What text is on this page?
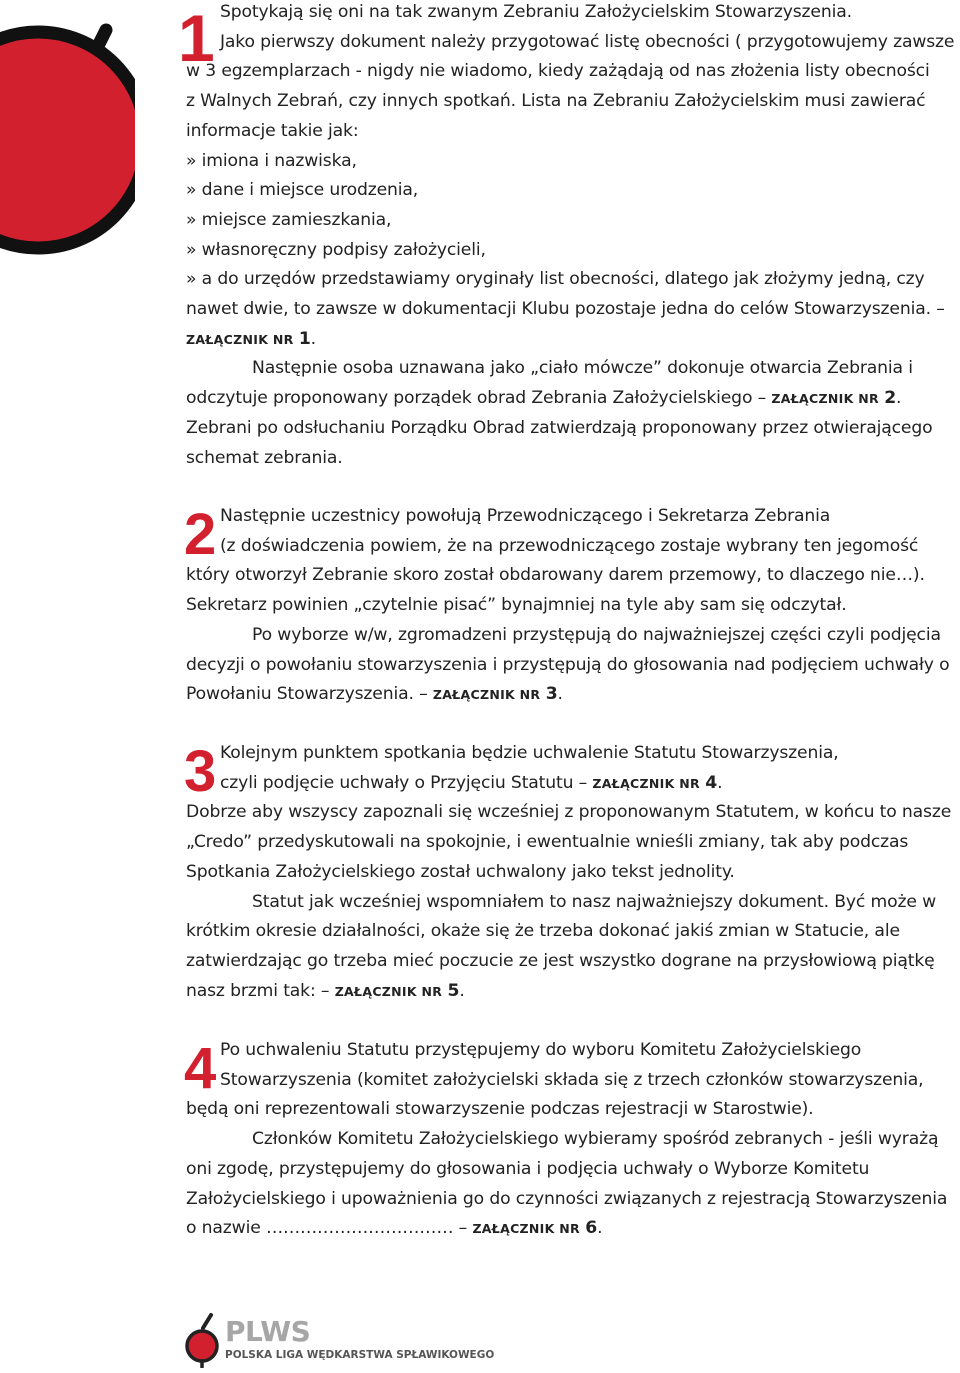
1 Spotykają się oni na tak zwanym Zebraniu Założycielskim Stowarzyszenia.

Jako pierwszy dokument należy przygotować listę obecności ( przygotowujemy zawsze

w 3 egzemplarzach - nigdy nie wiadomo, kiedy zażądają od nas złożenia listy obecności

z Walnych Zebrań, czy innych spotkań. Lista na Zebraniu Założycielskim musi zawierać informacje takie jak:

» imiona i nazwiska,

» dane i miejsce urodzenia,

» miejsce zamieszkania,

» własnoręczny podpisy założycieli,

» a do urzędów przedstawiamy oryginały list obecności, dlatego jak złożymy jedną, czy nawet dwie, to zawsze w dokumentacji Klubu pozostaje jedna do celów Stowarzyszenia. – ZAŁĄCZNIK NR 1.

Następnie osoba uznawana jako „ciało mówcze” dokonuje otwarcia Zebrania i odczytuje proponowany porządek obrad Zebrania Założycielskiego – ZAŁĄCZNIK NR 2.

Zebrani po odsłuchaniu Porządku Obrad zatwierdzają proponowany przez otwierającego schemat zebrania.

2 Następnie uczestnicy powołują Przewodniczącego i Sekretarza Zebrania

(z doświadczenia powiem, że na przewodniczącego zostaje wybrany ten jegomość

który otworzył Zebranie skoro został obdarowany darem przemowy, to dlaczego nie…). Sekretarz powinien „czytelnie pisać” bynajmniej na tyle aby sam się odczytał.

Po wyborze w/w, zgromadzeni przystępują do najważniejszej części czyli podjęcia decyzji o powołaniu stowarzyszenia i przystępują do głosowania nad podjęciem uchwały o Powołaniu Stowarzyszenia. – ZAŁĄCZNIK NR 3.

3 Kolejnym punktem spotkania będzie uchwalenie Statutu Stowarzyszenia,

czyli podjęcie uchwały o Przyjęciu Statutu – ZAŁĄCZNIK NR 4.

Dobrze aby wszyscy zapoznali się wcześniej z proponowanym Statutem, w końcu to nasze „Credo” przedyskutowali na spokojnie, i ewentualnie wnieśli zmiany, tak aby podczas Spotkania Założycielskiego został uchwalony jako tekst jednolity.

Statut jak wcześniej wspomniałem to nasz najważniejszy dokument. Być może w krótkim okresie działalności, okaże się że trzeba dokonać jakiś zmian w Statucie, ale zatwierdzając go trzeba mieć poczucie ze jest wszystko dograne na przysłowiową piątkę nasz brzmi tak: – ZAŁĄCZNIK NR 5.

4 Po uchwaleniu Statutu przystępujemy do wyboru Komitetu Założycielskiego

Stowarzyszenia (komitet założycielski składa się z trzech członków stowarzyszenia,

będą oni reprezentowali stowarzyszenie podczas rejestracji w Starostwie).

Członków Komitetu Założycielskiego wybieramy spośród zebranych - jeśli wyrażą oni zgodę, przystępujemy do głosowania i podjęcia uchwały o Wyborze Komitetu Założycielskiego i upoważnienia go do czynności związanych z rejestracją Stowarzyszenia o nazwie …………………………… – ZAŁĄCZNIK NR 6.

PLWS
POLSKA LIGA WĘDKARSTWA SPŁAWIKOWEGO
